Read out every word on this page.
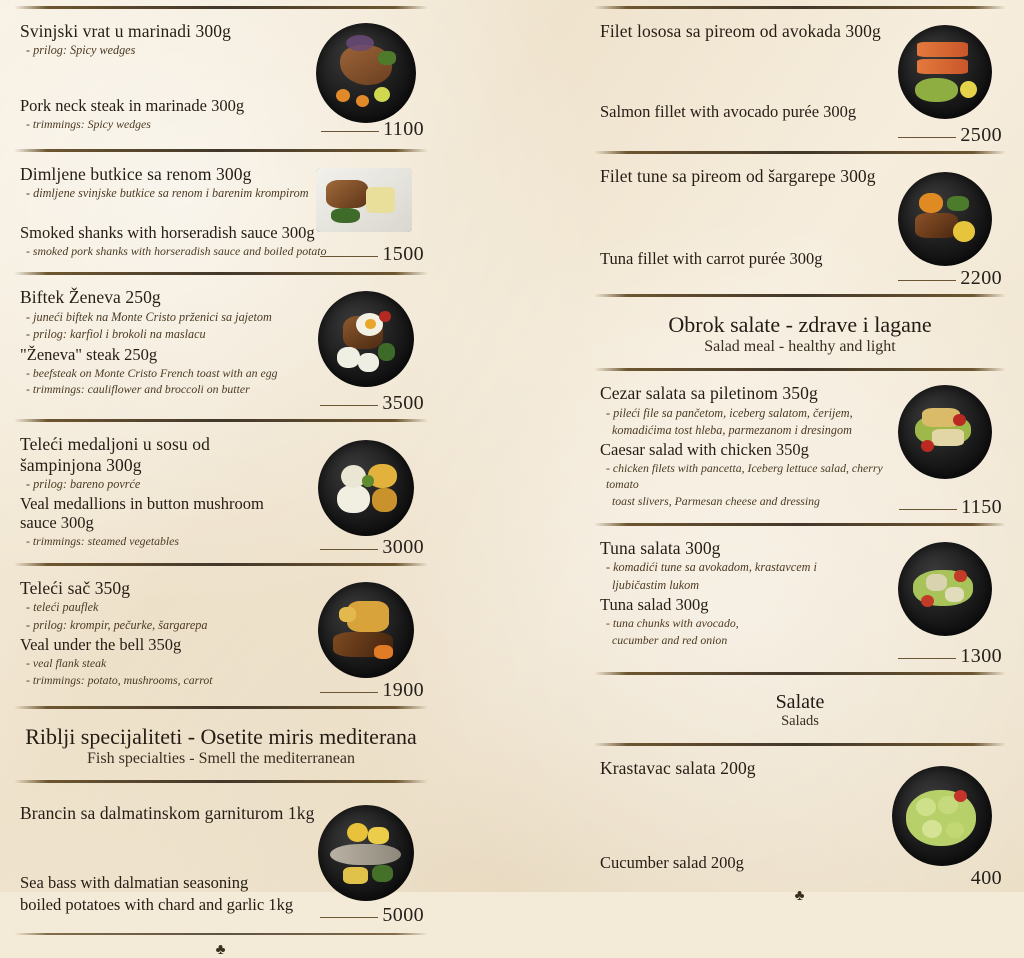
Svinjski vrat u marinadi 300g
- prilog: Spicy wedges
Pork neck steak in marinade 300g
- trimmings: Spicy wedges	1100
Dimljene butkice sa renom 300g
- dimljene svinjske butkice sa renom i barenim krompirom
Smoked shanks with horseradish sauce 300g
- smoked pork shanks with horseradish sauce and boiled potato	1500
Biftek Ženeva 250g
- juneći biftek na Monte Cristo prženici sa jajetom
- prilog: karfiol i brokoli na maslacu
"Ženeva" steak 250g
- beefsteak on Monte Cristo French toast with an egg
- trimmings: cauliflower and broccoli on butter
3500
Teleći medaljoni u sosu od šampinjona 300g
- prilog: bareno povrće
Veal medallions in button mushroom sauce 300g
- trimmings: steamed vegetables	3000
Teleći sač 350g
- teleći pauflek
- prilog: krompir, pečurke, šargarepa
Veal under the bell 350g
- veal flank steak
- trimmings: potato, mushrooms, carrot	1900
Riblji specijaliteti - Osetite miris mediterana
Fish specialties - Smell the mediterranean
Brancin sa dalmatinskom garniturom 1kg
Sea bass with dalmatian seasoning
boiled potatoes with chard and garlic 1kg
5000
♣
Filet lososa sa pireom od avokada 300g
Salmon fillet with avocado purée 300g
2500
Filet tune sa pireom od šargarepe 300g
Tuna fillet with carrot purée 300g
2200
Obrok salate - zdrave i lagane
Salad meal - healthy and light
Cezar salata sa piletinom 350g
- pileći file sa pančetom, iceberg salatom, čerijem,
komadićima tost hleba, parmezanom i dresingom
Caesar salad with chicken 350g
- chicken filets with pancetta, Iceberg lettuce salad, cherry tomato
toast slivers, Parmesan cheese and dressing	1150
Tuna salata 300g
- komadići tune sa avokadom, krastavcem i
ljubičastim lukom
Tuna salad 300g
- tuna chunks with avocado,
cucumber and red onion
1300
Salate
Salads
Krastavac salata 200g
Cucumber salad 200g
400
♣
